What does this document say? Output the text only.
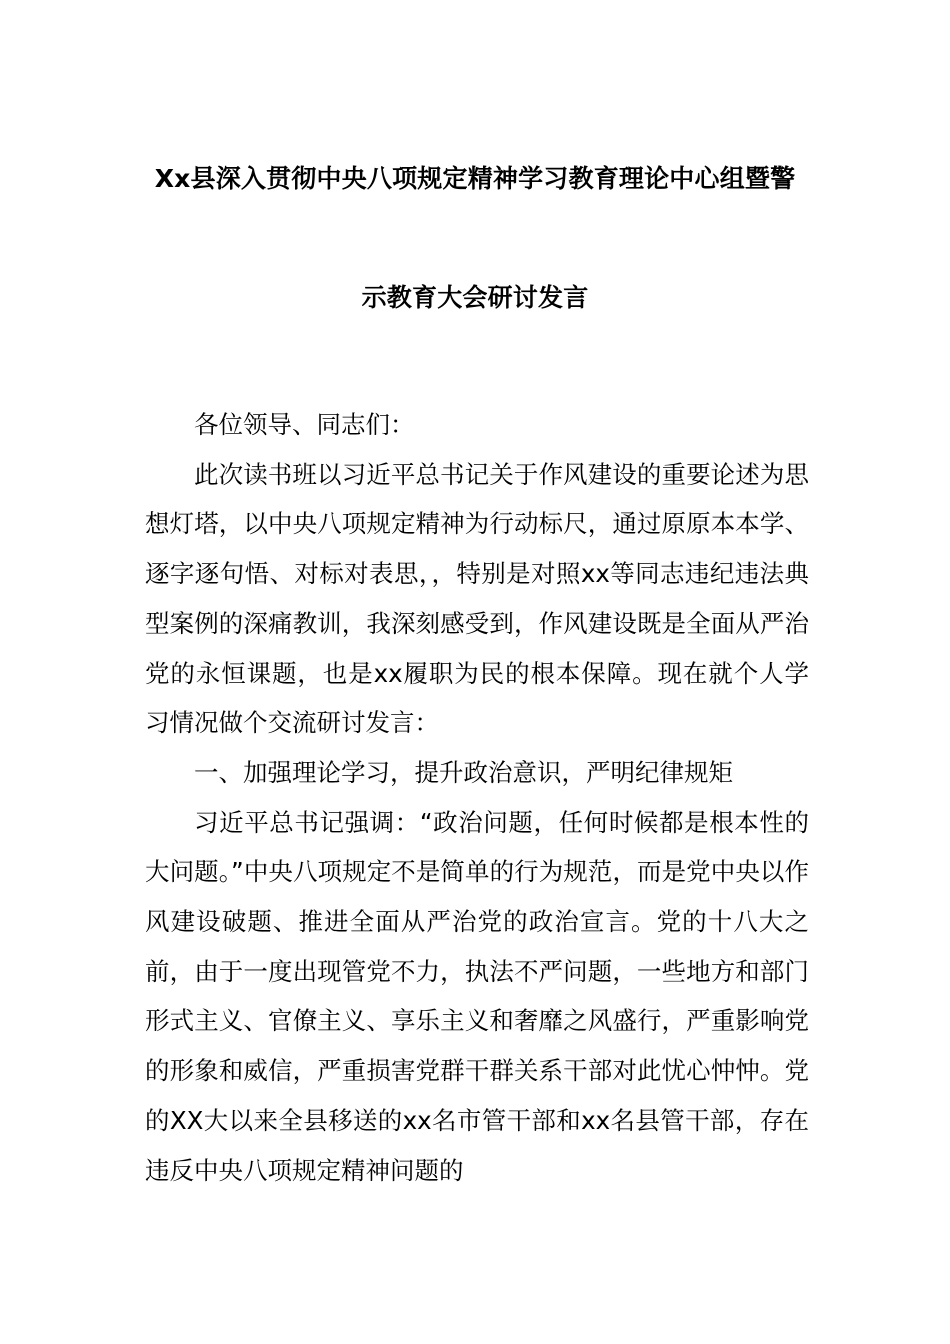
Xx县深入贯彻中央八项规定精神学习教育理论中心组暨警
示教育大会研讨发言

各位领导、同志们：

此次读书班以习近平总书记关于作风建设的重要论述为思想灯塔，以中央八项规定精神为行动标尺，通过原原本本学、逐字逐句悟、对标对表思，，特别是对照xx等同志违纪违法典型案例的深痛教训，我深刻感受到，作风建设既是全面从严治党的永恒课题，也是xx履职为民的根本保障。现在就个人学习情况做个交流研讨发言：

一、加强理论学习，提升政治意识，严明纪律规矩

习近平总书记强调：“政治问题，任何时候都是根本性的大问题。”中央八项规定不是简单的行为规范，而是党中央以作风建设破题、推进全面从严治党的政治宣言。党的十八大之前，由于一度出现管党不力，执法不严问题，一些地方和部门形式主义、官僚主义、享乐主义和奢靡之风盛行，严重影响党的形象和威信，严重损害党群干群关系干部对此忧心忡忡。党的XX大以来全县移送的xx名市管干部和xx名县管干部，存在违反中央八项规定精神问题的
